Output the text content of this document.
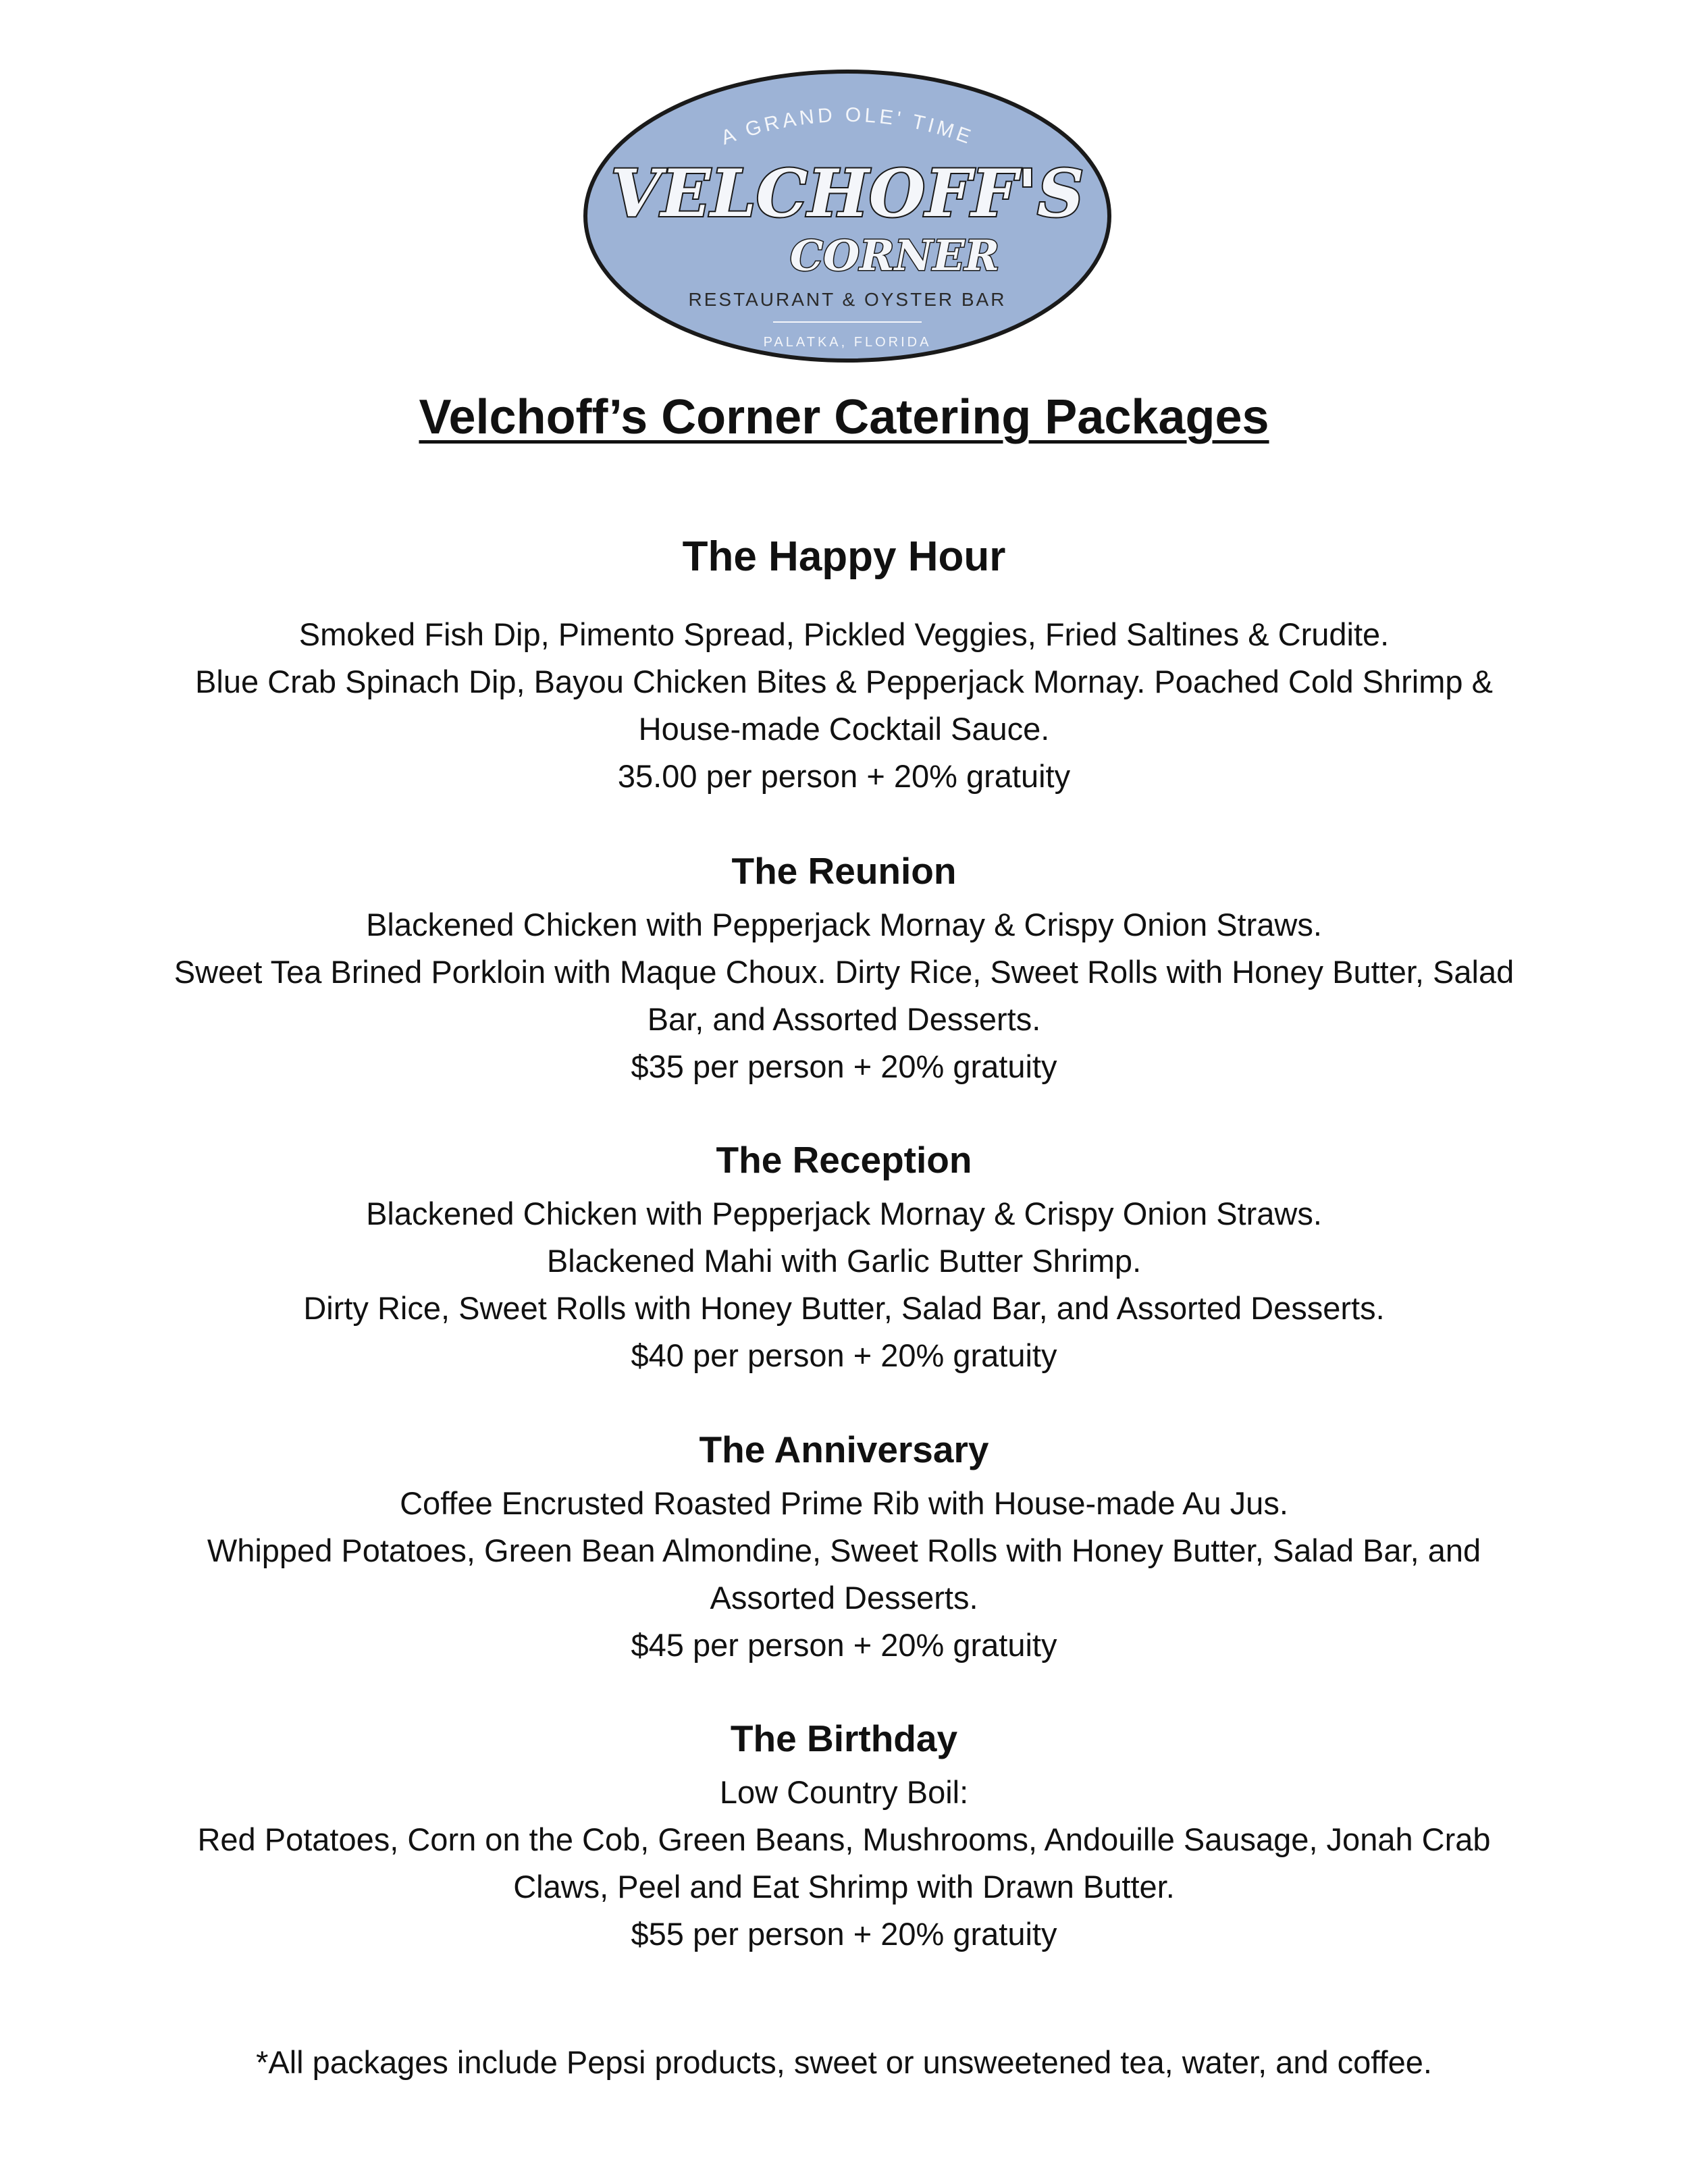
A GRAND OLE' TIME
VELCHOFF'S
CORNER
RESTAURANT & OYSTER BAR
PALATKA, FLORIDA
Velchoff’s Corner Catering Packages
The Happy Hour
Smoked Fish Dip, Pimento Spread, Pickled Veggies, Fried Saltines & Crudite.
Blue Crab Spinach Dip, Bayou Chicken Bites & Pepperjack Mornay. Poached Cold Shrimp &
House-made Cocktail Sauce.
35.00 per person + 20% gratuity
The Reunion
Blackened Chicken with Pepperjack Mornay & Crispy Onion Straws.
Sweet Tea Brined Porkloin with Maque Choux. Dirty Rice, Sweet Rolls with Honey Butter, Salad
Bar, and Assorted Desserts.
$35 per person + 20% gratuity
The Reception
Blackened Chicken with Pepperjack Mornay & Crispy Onion Straws.
Blackened Mahi with Garlic Butter Shrimp.
Dirty Rice, Sweet Rolls with Honey Butter, Salad Bar, and Assorted Desserts.
$40 per person + 20% gratuity
The Anniversary
Coffee Encrusted Roasted Prime Rib with House-made Au Jus.
Whipped Potatoes, Green Bean Almondine, Sweet Rolls with Honey Butter, Salad Bar, and
Assorted Desserts.
$45 per person + 20% gratuity
The Birthday
Low Country Boil:
Red Potatoes, Corn on the Cob, Green Beans, Mushrooms, Andouille Sausage, Jonah Crab
Claws, Peel and Eat Shrimp with Drawn Butter.
$55 per person + 20% gratuity
*All packages include Pepsi products, sweet or unsweetened tea, water, and coffee.
